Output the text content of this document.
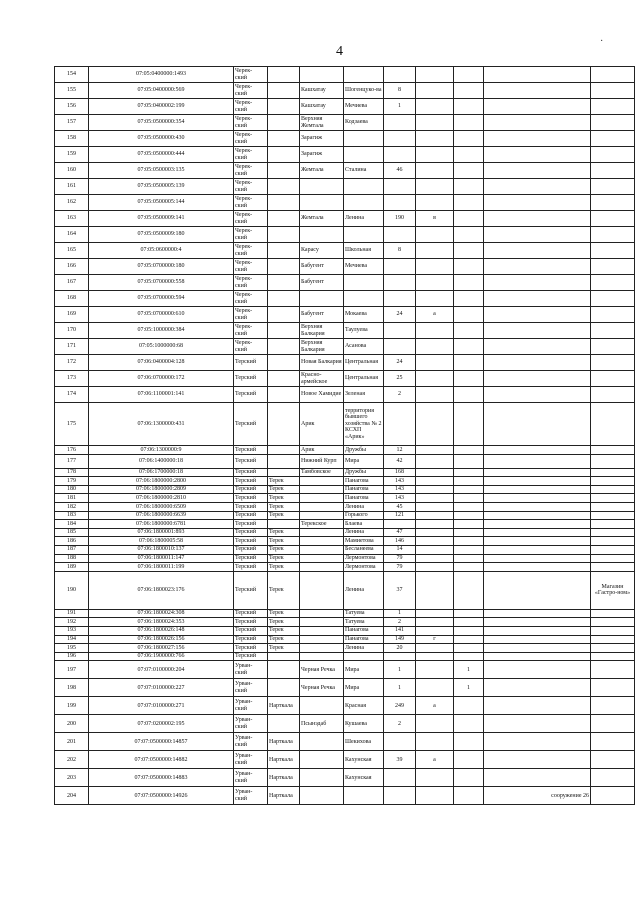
4
·
154	07:05:0400000:1493	Черек-
ский								

155	07:05:0400000:569	Черек-
ский		Кашхатау	Шогенцуко-ва	8				
156	07:05:0400002:199	Черек-
ский		Кашхатау	Мечиева	1				
157	07:05:0500000:354	Черек-
ский		Верхняя Жемтала	Кодзаева					
158	07:05:0500000:430	Черек-
ский		Зарагиж						
159	07:05:0500000:444	Черек-
ский		Зарагиж						
160	07:05:0500003:135	Черек-
ский		Жемтала	Сталина	46				
161	07:05:0500005:139	Черек-
ский								

162	07:05:0500005:144	Черек-
ский								

163	07:05:0500009:141	Черек-
ский		Жемтала	Ленина	190	в			
164	07:05:0500009:180	Черек-
ский								

165	07:05:0600000:4	Черек-
ский		Карасу	Школьная	8				
166	07:05:0700000:180	Черек-
ский		Бабугент	Мечиева					
167	07:05:0700000:558	Черек-
ский		Бабугент						
168	07:05:0700000:594	Черек-
ский								

169	07:05:0700000:610	Черек-
ский		Бабугент	Мокаева	24	а			
170	07:05:1000000:384	Черек-
ский		Верхняя Балкария	Таулуева					
171	07:05:1000000:68	Черек-
ский		Верхняя Балкария	Асанова					
172	07:06:0400004:128	Терский		Новая Балкария	Центральная	24				
173	07:06:0700000:172	Терский		Красно-армейское	Центральная	25				
174	07:06:1100001:141	Терский		Новое Хамидие	Зеленая	2				
175	07:06:1300000:431	Терский		Арик	территория бывшего хозяйства № 2 КСХП «Арик»					
176	07:06:1300000:9	Терский		Арик	Дружбы	12				
177	07:06:1400000:18	Терский		Нижний Курп	Мира	42				
178	07:06:1700000:18	Терский		Тамбовское	Дружбы	168				
179	07:06:1800000:2800	Терский	Терек		Панагова	143				
180	07:06:1800000:2809	Терский	Терек		Панагова	143				
181	07:06:1800000:2810	Терский	Терек		Панагова	143				
182	07:06:1800000:6509	Терский	Терек		Ленина	45				
183	07:06:1800000:6639	Терский	Терек		Горького	121				
184	07:06:1800000:6781	Терский		Терекское	Блаева					
185	07:06:1800001:893	Терский	Терек		Ленина	47				
186	07:06:1800005:58	Терский	Терек		Мамиетова	146				
187	07:06:1800010:137	Терский	Терек		Бесланеева	14				
188	07:06:1800011:147	Терский	Терек		Лермонтова	79				
189	07:06:1800011:199	Терский	Терек		Лермонтова	79				
190	07:06:1800023:176	Терский	Терек		Ленина	37				Магазин «Гастро-ном»
191	07:06:1800024:308	Терский	Терек		Татуева	1				
192	07:06:1800024:353	Терский	Терек		Татуева	2				
193	07:06:1800026:148	Терский	Терек		Панагова	141				
194	07:06:1800026:156	Терский	Терек		Панагова	149	г			
195	07:06:1800027:156	Терский	Терек		Ленина	20				
196	07:06:1900000:766	Терский								

197	07:07:0100000:204	Урван-
ский		Черная Речка	Мира	1		1		
198	07:07:0100000:227	Урван-
ский		Черная Речка	Мира	1		1		
199	07:07:0100000:271	Урван-
ский	Нарткала		Красная	249	а			
200	07:07:0200002:195	Урван-
ский		Псынэдаб	Кушаева	2				
201	07:07:0500000:14857	Урван-
ский	Нарткала		Шекихова					
202	07:07:0500000:14882	Урван-
ский	Нарткала		Кахунская	39	а			
203	07:07:0500000:14883	Урван-
ский	Нарткала		Кахунская					
204	07:07:0500000:14926	Урван-
ский	Нарткала						сооружение 26	
